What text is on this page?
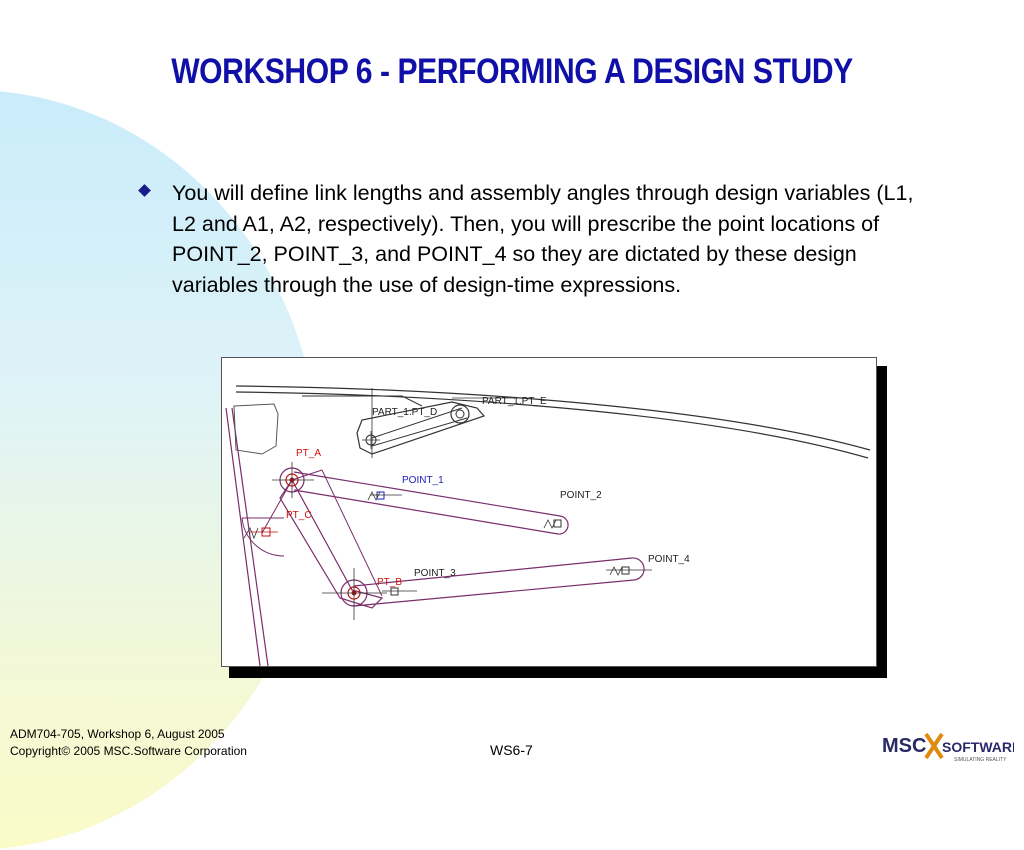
WORKSHOP 6 - PERFORMING A DESIGN STUDY
You will define link lengths and assembly angles through design variables (L1, L2 and A1, A2, respectively). Then, you will prescribe the point locations of POINT_2, POINT_3, and POINT_4 so they are dictated by these design variables through the use of design-time expressions.
PART_1.PT_D
PART_1.PT_E
PT_A
POINT_1
POINT_2
PT_C
POINT_4
POINT_3
PT_B
ADM704-705, Workshop 6, August 2005
Copyright© 2005 MSC.Software Corporation	WS6-7	MSC SOFTWARE
SIMULATING REALITY
